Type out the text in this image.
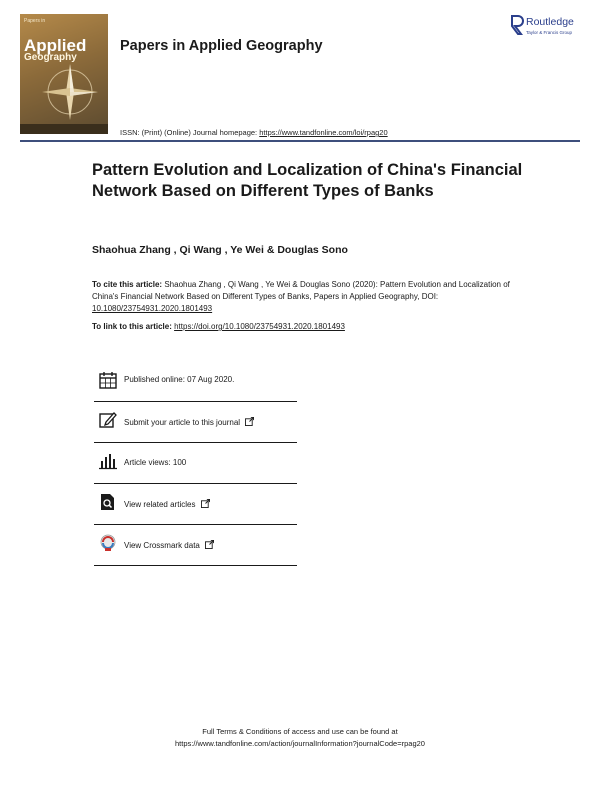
Papers in
Applied
Geography
Papers in Applied Geography
ISSN: (Print) (Online) Journal homepage: https://www.tandfonline.com/loi/rpag20
Routledge
Taylor & Francis Group
Pattern Evolution and Localization of China's Financial Network Based on Different Types of Banks
Shaohua Zhang , Qi Wang , Ye Wei & Douglas Sono
To cite this article: Shaohua Zhang , Qi Wang , Ye Wei & Douglas Sono (2020): Pattern Evolution and Localization of China's Financial Network Based on Different Types of Banks, Papers in Applied Geography, DOI: 10.1080/23754931.2020.1801493
To link to this article: https://doi.org/10.1080/23754931.2020.1801493
Published online: 07 Aug 2020.
Submit your article to this journal
Article views: 100
View related articles
View Crossmark data
Full Terms & Conditions of access and use can be found at
https://www.tandfonline.com/action/journalInformation?journalCode=rpag20
